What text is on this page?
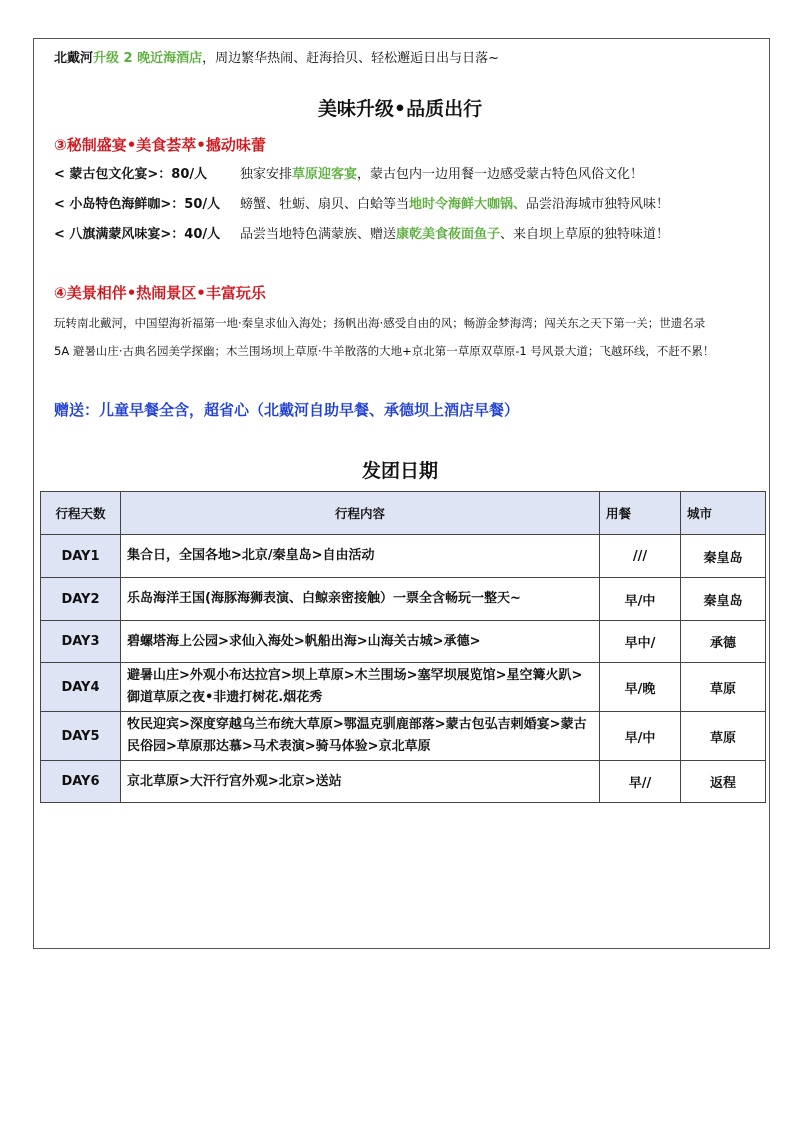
北戴河升级 2 晚近海酒店，周边繁华热闹、赶海拾贝、轻松邂逅日出与日落~
美味升级•品质出行
③秘制盛宴•美食荟萃•撼动味蕾
< 蒙古包文化宴>：80/人	独家安排草原迎客宴，蒙古包内一边用餐一边感受蒙古特色风俗文化！
< 小岛特色海鲜咖>：50/人 螃蟹、牡蛎、扇贝、白蛤等当地时令海鲜大咖锅、品尝沿海城市独特风味！
< 八旗满蒙风味宴>：40/人 品尝当地特色满蒙族、赠送康乾美食莜面鱼子、来自坝上草原的独特味道！
④美景相伴•热闹景区•丰富玩乐
玩转南北戴河，中国望海祈福第一地·秦皇求仙入海处；扬帆出海·感受自由的风；畅游金梦海湾；闯关东之天下第一关；世遗名录
5A 避暑山庄·古典名园美学探幽；木兰围场坝上草原·牛羊散落的大地+京北第一草原双草原-1 号风景大道；飞越环线，不赶不累！
赠送：儿童早餐全含，超省心（北戴河自助早餐、承德坝上酒店早餐）
发团日期
行程天数	行程内容	用餐	城市
DAY1	集合日，全国各地>北京/秦皇岛>自由活动	///	秦皇岛
DAY2	乐岛海洋王国(海豚海狮表演、白鲸亲密接触）一票全含畅玩一整天~	早/中	秦皇岛
DAY3	碧螺塔海上公园>求仙入海处>帆船出海>山海关古城>承德>	早中/	承德
DAY4	避暑山庄>外观小布达拉宫>坝上草原>木兰围场>塞罕坝展览馆>星空篝火趴>御道草原之夜•非遗打树花.烟花秀	早/晚	草原
DAY5	牧民迎宾>深度穿越乌兰布统大草原>鄂温克驯鹿部落>蒙古包弘吉剌婚宴>蒙古民俗园>草原那达慕>马术表演>骑马体验>京北草原	早/中	草原
DAY6	京北草原>大汗行宫外观>北京>送站	早//	返程
